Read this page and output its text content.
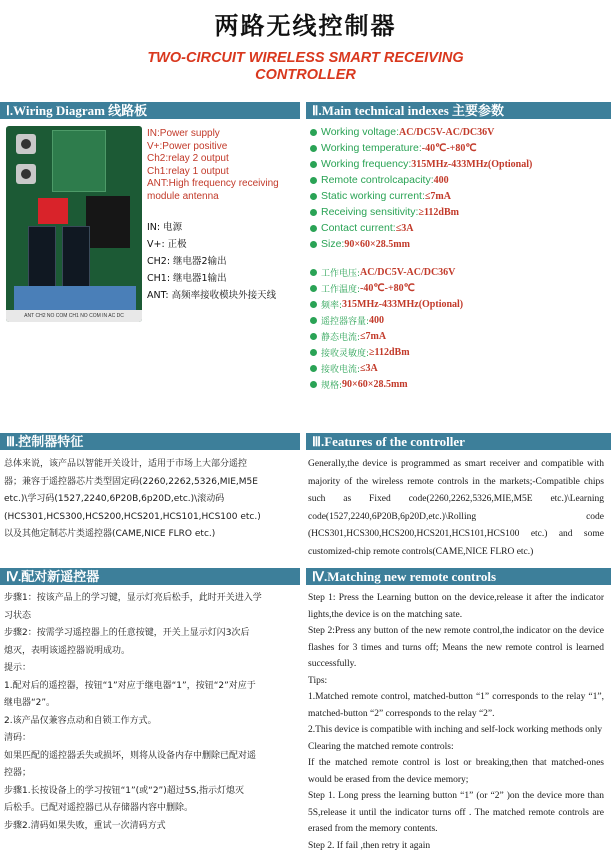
两路无线控制器
TWO-CIRCUIT WIRELESS SMART RECEIVING
CONTROLLER
Ⅰ.Wiring Diagram 线路板	Ⅱ.Main technical indexes 主要参数
ANT CH2 NO COM CH1 NO COM IN AC DC
IN:Power supply
V+:Power positive
Ch2:relay 2 output
Ch1:relay 1 output
ANT:High frequency receiving
module antenna
IN: 电源
V+: 正极
CH2: 继电器2输出
CH1: 继电器1输出
ANT: 高频率接收模块外接天线
Working voltage: AC/DC5V-AC/DC36V
Working temperature: -40℃-+80℃
Working frequency: 315MHz-433MHz(Optional)
Remote controlcapacity: 400
Static working current: ≤7mA
Receiving sensitivity: ≥112dBm
Contact current: ≤3A
Size: 90×60×28.5mm
工作电压: AC/DC5V-AC/DC36V
工作温度: -40℃-+80℃
频率: 315MHz-433MHz(Optional)
遥控器容量: 400
静态电流: ≤7mA
接收灵敏度: ≥112dBm
接收电流: ≤3A
规格: 90×60×28.5mm
Ⅲ.控制器特征	Ⅲ.Features of the controller
总体来说，该产品以智能开关设计，适用于市场上大部分遥控
器；兼容于遥控器芯片类型固定码(2260,2262,5326,MIE,M5E
etc.)\学习码(1527,2240,6P20B,6p20D,etc.)\滚动码
(HCS301,HCS300,HCS200,HCS201,HCS101,HCS100 etc.)
以及其他定制芯片类遥控器(CAME,NICE FLRO etc.)
Generally,the device is programmed as smart receiver and compatible with majority of the wireless remote controls in the markets;-Compatible chips such as Fixed code(2260,2262,5326,MIE,M5E etc.)\Learning code(1527,2240,6P20B,6p20D,etc.)\Rolling code (HCS301,HCS300,HCS200,HCS201,HCS101,HCS100 etc.) and some customized-chip remote controls(CAME,NICE FLRO etc.)
Ⅳ.配对新遥控器	Ⅳ.Matching new remote controls
步骤1：按该产品上的学习键，显示灯亮后松手，此时开关进入学
习状态
步骤2：按需学习遥控器上的任意按键，开关上显示灯闪3次后
熄灭，表明该遥控器说明成功。
提示：
1.配对后的遥控器，按钮“1”对应于继电器“1”，按钮“2”对应于
继电器“2”。
2.该产品仅兼容点动和自锁工作方式。
清码：
如果匹配的遥控器丢失或损坏，则将从设备内存中删除已配对遥
控器；
步骤1.长按设备上的学习按钮“1”(或“2”)超过5S,指示灯熄灭
后松手。已配对遥控器已从存储器内容中删除。
步骤2.清码如果失败，重试一次清码方式
Step 1: Press the Learning button on the device,release it after the indicator lights,the device is on the matching sate.
Step 2:Press any button of the new remote control,the indicator on the device flashes for 3 times and turns off; Means the new remote control is learned successfully.
Tips:
1.Matched remote control, matched-button “1” corresponds to the relay “1”, matched-button “2” corresponds to the relay “2”.
2.This device is compatible with inching and self-lock working methods only
Clearing the matched remote controls:
If the matched remote control is lost or breaking,then that matched-ones would be erased from the device memory;
Step 1. Long press the learning button “1” (or “2” )on the device more than 5S,release it until the indicator turns off . The matched remote controls are erased from the memory contents.
Step 2. If fail ,then retry it again
